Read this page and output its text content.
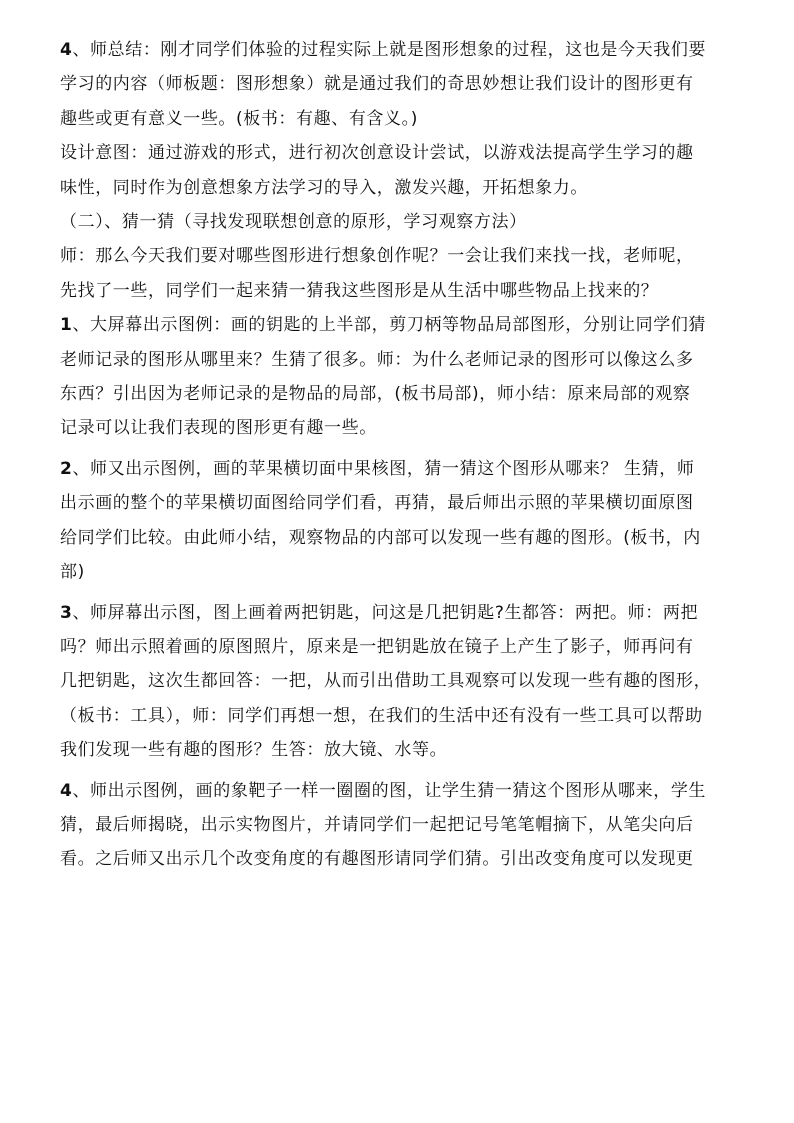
4、师总结：刚才同学们体验的过程实际上就是图形想象的过程，这也是今天我们要
学习的内容（师板题：图形想象）就是通过我们的奇思妙想让我们设计的图形更有
趣些或更有意义一些。(板书：有趣、有含义。)

设计意图：通过游戏的形式，进行初次创意设计尝试，以游戏法提高学生学习的趣
味性，同时作为创意想象方法学习的导入，激发兴趣，开拓想象力。

（二）、猜一猜（寻找发现联想创意的原形，学习观察方法）

师：那么今天我们要对哪些图形进行想象创作呢？一会让我们来找一找，老师呢，
先找了一些，同学们一起来猜一猜我这些图形是从生活中哪些物品上找来的？

1、大屏幕出示图例：画的钥匙的上半部，剪刀柄等物品局部图形，分别让同学们猜
老师记录的图形从哪里来？生猜了很多。师：为什么老师记录的图形可以像这么多
东西？引出因为老师记录的是物品的局部，(板书局部)，师小结：原来局部的观察
记录可以让我们表现的图形更有趣一些。

2、师又出示图例，画的苹果横切面中果核图，猜一猜这个图形从哪来？ 生猜，师
出示画的整个的苹果横切面图给同学们看，再猜，最后师出示照的苹果横切面原图
给同学们比较。由此师小结，观察物品的内部可以发现一些有趣的图形。(板书，内
部)

3、师屏幕出示图，图上画着两把钥匙，问这是几把钥匙?生都答：两把。师：两把
吗？师出示照着画的原图照片，原来是一把钥匙放在镜子上产生了影子，师再问有
几把钥匙，这次生都回答：一把，从而引出借助工具观察可以发现一些有趣的图形，
（板书：工具），师：同学们再想一想，在我们的生活中还有没有一些工具可以帮助
我们发现一些有趣的图形？生答：放大镜、水等。

4、师出示图例，画的象靶子一样一圈圈的图，让学生猜一猜这个图形从哪来，学生
猜，最后师揭晓，出示实物图片，并请同学们一起把记号笔笔帽摘下，从笔尖向后
看。之后师又出示几个改变角度的有趣图形请同学们猜。引出改变角度可以发现更
